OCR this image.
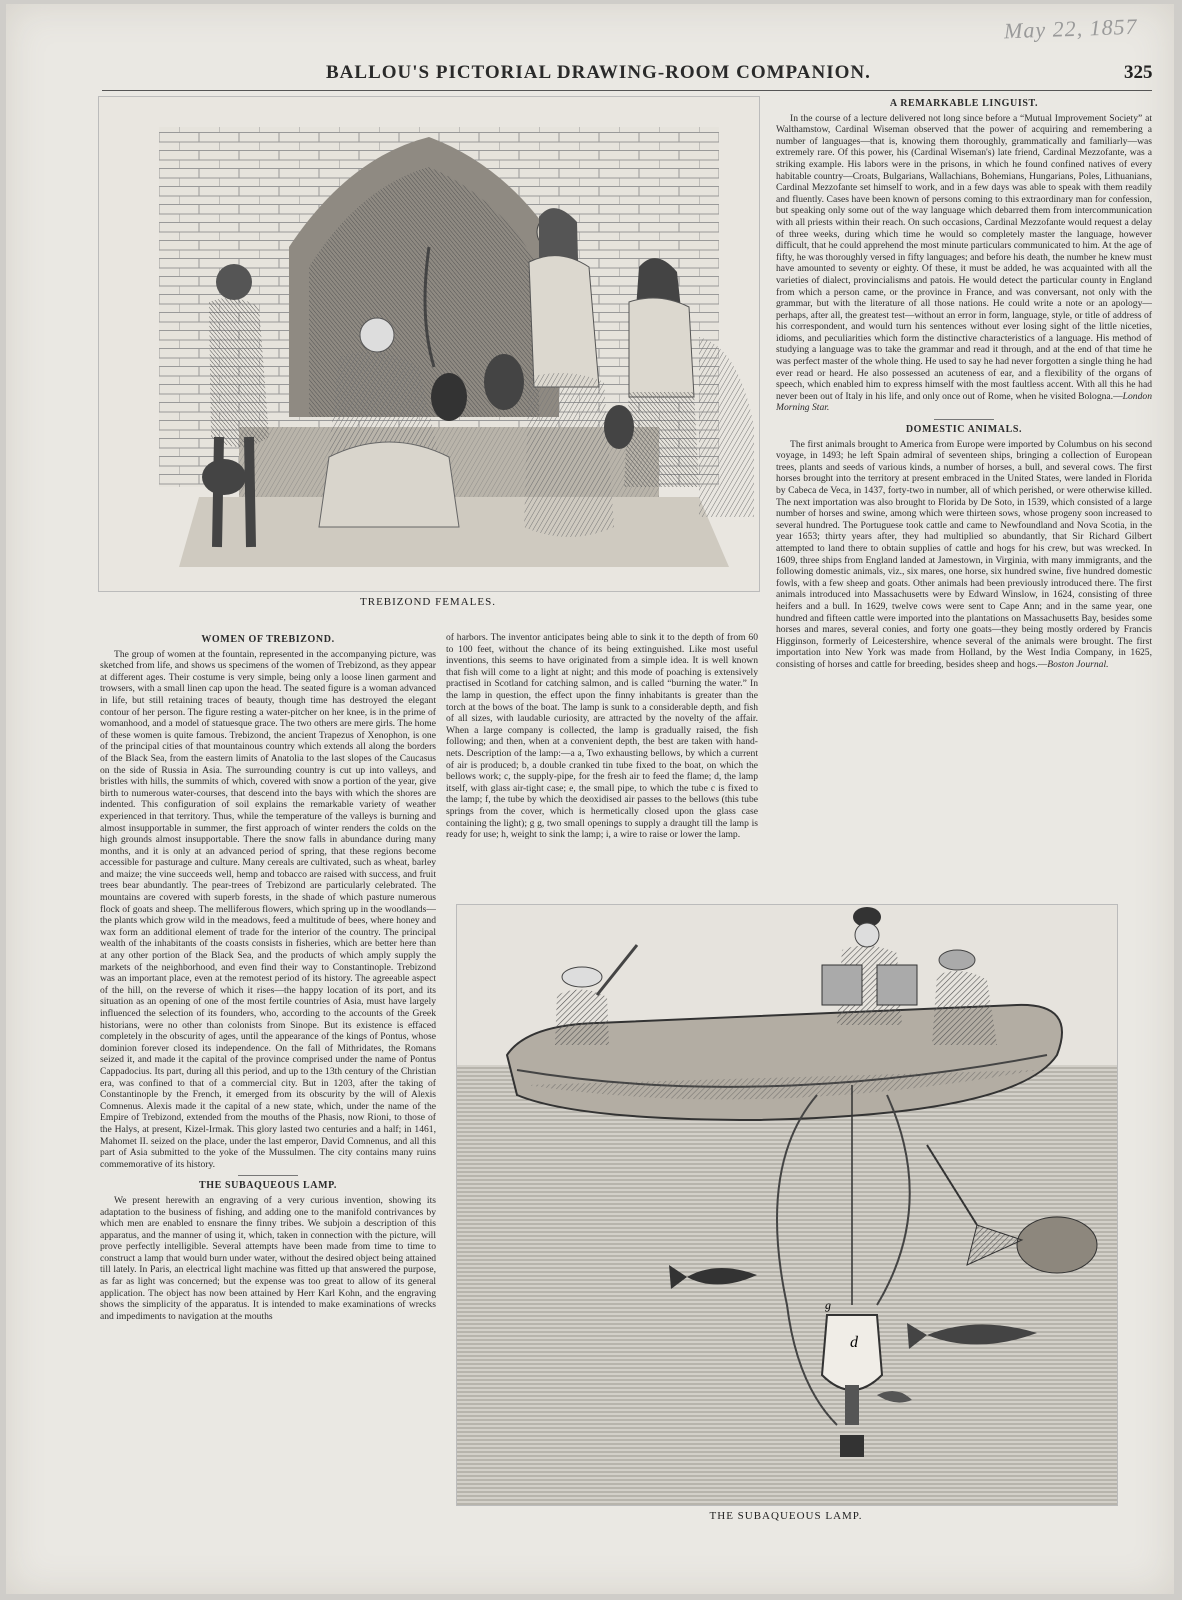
May 22, 1857
BALLOU'S PICTORIAL DRAWING-ROOM COMPANION.	325
TREBIZOND FEMALES.
A REMARKABLE LINGUIST.

In the course of a lecture delivered not long since before a “Mutual Improvement Society” at Walthamstow, Cardinal Wiseman observed that the power of acquiring and remembering a number of languages—that is, knowing them thoroughly, grammatically and familiarly—was extremely rare. Of this power, his (Cardinal Wiseman's) late friend, Cardinal Mezzofante, was a striking example. His labors were in the prisons, in which he found confined natives of every habitable country—Croats, Bulgarians, Wallachians, Bohemians, Hungarians, Poles, Lithuanians, Cardinal Mezzofante set himself to work, and in a few days was able to speak with them readily and fluently. Cases have been known of persons coming to this extraordinary man for confession, but speaking only some out of the way language which debarred them from intercommunication with all priests within their reach. On such occasions, Cardinal Mezzofante would request a delay of three weeks, during which time he would so completely master the language, however difficult, that he could apprehend the most minute particulars communicated to him. At the age of fifty, he was thoroughly versed in fifty languages; and before his death, the number he knew must have amounted to seventy or eighty. Of these, it must be added, he was acquainted with all the varieties of dialect, provincialisms and patois. He would detect the particular county in England from which a person came, or the province in France, and was conversant, not only with the grammar, but with the literature of all those nations. He could write a note or an apology—perhaps, after all, the greatest test—without an error in form, language, style, or title of address of his correspondent, and would turn his sentences without ever losing sight of the little niceties, idioms, and peculiarities which form the distinctive characteristics of a language. His method of studying a language was to take the grammar and read it through, and at the end of that time he was perfect master of the whole thing. He used to say he had never forgotten a single thing he had ever read or heard. He also possessed an acuteness of ear, and a flexibility of the organs of speech, which enabled him to express himself with the most faultless accent. With all this he had never been out of Italy in his life, and only once out of Rome, when he visited Bologna.—London Morning Star.

DOMESTIC ANIMALS.

The first animals brought to America from Europe were imported by Columbus on his second voyage, in 1493; he left Spain admiral of seventeen ships, bringing a collection of European trees, plants and seeds of various kinds, a number of horses, a bull, and several cows. The first horses brought into the territory at present embraced in the United States, were landed in Florida by Cabeca de Veca, in 1437, forty-two in number, all of which perished, or were otherwise killed. The next importation was also brought to Florida by De Soto, in 1539, which consisted of a large number of horses and swine, among which were thirteen sows, whose progeny soon increased to several hundred. The Portuguese took cattle and came to Newfoundland and Nova Scotia, in the year 1653; thirty years after, they had multiplied so abundantly, that Sir Richard Gilbert attempted to land there to obtain supplies of cattle and hogs for his crew, but was wrecked. In 1609, three ships from England landed at Jamestown, in Virginia, with many immigrants, and the following domestic animals, viz., six mares, one horse, six hundred swine, five hundred domestic fowls, with a few sheep and goats. Other animals had been previously introduced there. The first animals introduced into Massachusetts were by Edward Winslow, in 1624, consisting of three heifers and a bull. In 1629, twelve cows were sent to Cape Ann; and in the same year, one hundred and fifteen cattle were imported into the plantations on Massachusetts Bay, besides some horses and mares, several conies, and forty one goats—they being mostly ordered by Francis Higginson, formerly of Leicestershire, whence several of the animals were brought. The first importation into New York was made from Holland, by the West India Company, in 1625, consisting of horses and cattle for breeding, besides sheep and hogs.—Boston Journal.

WOMEN OF TREBIZOND.

The group of women at the fountain, represented in the accompanying picture, was sketched from life, and shows us specimens of the women of Trebizond, as they appear at different ages. Their costume is very simple, being only a loose linen garment and trowsers, with a small linen cap upon the head. The seated figure is a woman advanced in life, but still retaining traces of beauty, though time has destroyed the elegant contour of her person. The figure resting a water-pitcher on her knee, is in the prime of womanhood, and a model of statuesque grace. The two others are mere girls. The home of these women is quite famous. Trebizond, the ancient Trapezus of Xenophon, is one of the principal cities of that mountainous country which extends all along the borders of the Black Sea, from the eastern limits of Anatolia to the last slopes of the Caucasus on the side of Russia in Asia. The surrounding country is cut up into valleys, and bristles with hills, the summits of which, covered with snow a portion of the year, give birth to numerous water-courses, that descend into the bays with which the shores are indented. This configuration of soil explains the remarkable variety of weather experienced in that territory. Thus, while the temperature of the valleys is burning and almost insupportable in summer, the first approach of winter renders the colds on the high grounds almost insupportable. There the snow falls in abundance during many months, and it is only at an advanced period of spring, that these regions become accessible for pasturage and culture. Many cereals are cultivated, such as wheat, barley and maize; the vine succeeds well, hemp and tobacco are raised with success, and fruit trees bear abundantly. The pear-trees of Trebizond are particularly celebrated. The mountains are covered with superb forests, in the shade of which pasture numerous flock of goats and sheep. The melliferous flowers, which spring up in the woodlands—the plants which grow wild in the meadows, feed a multitude of bees, where honey and wax form an additional element of trade for the interior of the country. The principal wealth of the inhabitants of the coasts consists in fisheries, which are better here than at any other portion of the Black Sea, and the products of which amply supply the markets of the neighborhood, and even find their way to Constantinople. Trebizond was an important place, even at the remotest period of its history. The agreeable aspect of the hill, on the reverse of which it rises—the happy location of its port, and its situation as an opening of one of the most fertile countries of Asia, must have largely influenced the selection of its founders, who, according to the accounts of the Greek historians, were no other than colonists from Sinope. But its existence is effaced completely in the obscurity of ages, until the appearance of the kings of Pontus, whose dominion forever closed its independence. On the fall of Mithridates, the Romans seized it, and made it the capital of the province comprised under the name of Pontus Cappadocius. Its part, during all this period, and up to the 13th century of the Christian era, was confined to that of a commercial city. But in 1203, after the taking of Constantinople by the French, it emerged from its obscurity by the will of Alexis Comnenus. Alexis made it the capital of a new state, which, under the name of the Empire of Trebizond, extended from the mouths of the Phasis, now Rioni, to those of the Halys, at present, Kizel-Irmak. This glory lasted two centuries and a half; in 1461, Mahomet II. seized on the place, under the last emperor, David Comnenus, and all this part of Asia submitted to the yoke of the Mussulmen. The city contains many ruins commemorative of its history.

THE SUBAQUEOUS LAMP.

We present herewith an engraving of a very curious invention, showing its adaptation to the business of fishing, and adding one to the manifold contrivances by which men are enabled to ensnare the finny tribes. We subjoin a description of this apparatus, and the manner of using it, which, taken in connection with the picture, will prove perfectly intelligible. Several attempts have been made from time to time to construct a lamp that would burn under water, without the desired object being attained till lately. In Paris, an electrical light machine was fitted up that answered the purpose, as far as light was concerned; but the expense was too great to allow of its general application. The object has now been attained by Herr Karl Kohn, and the engraving shows the simplicity of the apparatus. It is intended to make examinations of wrecks and impediments to navigation at the mouths

of harbors. The inventor anticipates being able to sink it to the depth of from 60 to 100 feet, without the chance of its being extinguished. Like most useful inventions, this seems to have originated from a simple idea. It is well known that fish will come to a light at night; and this mode of poaching is extensively practised in Scotland for catching salmon, and is called “burning the water.” In the lamp in question, the effect upon the finny inhabitants is greater than the torch at the bows of the boat. The lamp is sunk to a considerable depth, and fish of all sizes, with laudable curiosity, are attracted by the novelty of the affair. When a large company is collected, the lamp is gradually raised, the fish following; and then, when at a convenient depth, the best are taken with hand-nets. Description of the lamp:—a a, Two exhausting bellows, by which a current of air is produced; b, a double cranked tin tube fixed to the boat, on which the bellows work; c, the supply-pipe, for the fresh air to feed the flame; d, the lamp itself, with glass air-tight case; e, the small pipe, to which the tube c is fixed to the lamp; f, the tube by which the deoxidised air passes to the bellows (this tube springs from the cover, which is hermetically closed upon the glass case containing the light); g g, two small openings to supply a draught till the lamp is ready for use; h, weight to sink the lamp; i, a wire to raise or lower the lamp.

d
g
THE SUBAQUEOUS LAMP.
